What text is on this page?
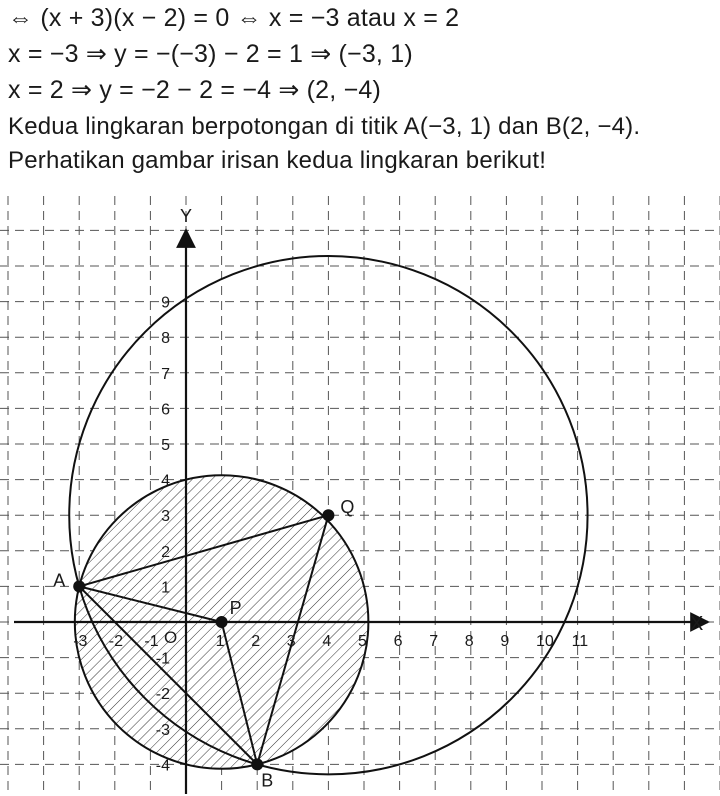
⇔ (x + 3)(x − 2) = 0 ⇔ x = −3 atau x = 2
x = −3 ⇒ y = −(−3) − 2 = 1 ⇒ (−3, 1)
x = 2 ⇒ y = −2 − 2 = −4 ⇒ (2, −4)
Kedua lingkaran berpotongan di titik A(−3, 1) dan B(2, −4).
Perhatikan gambar irisan kedua lingkaran berikut!
X
Y
O
-3 -2 -1	1 2 3 4 5 6 7 8 9 10 11
9
8
7
6
5
4
3
2
1
-1
-2
-3
-4
A
B
P
Q
